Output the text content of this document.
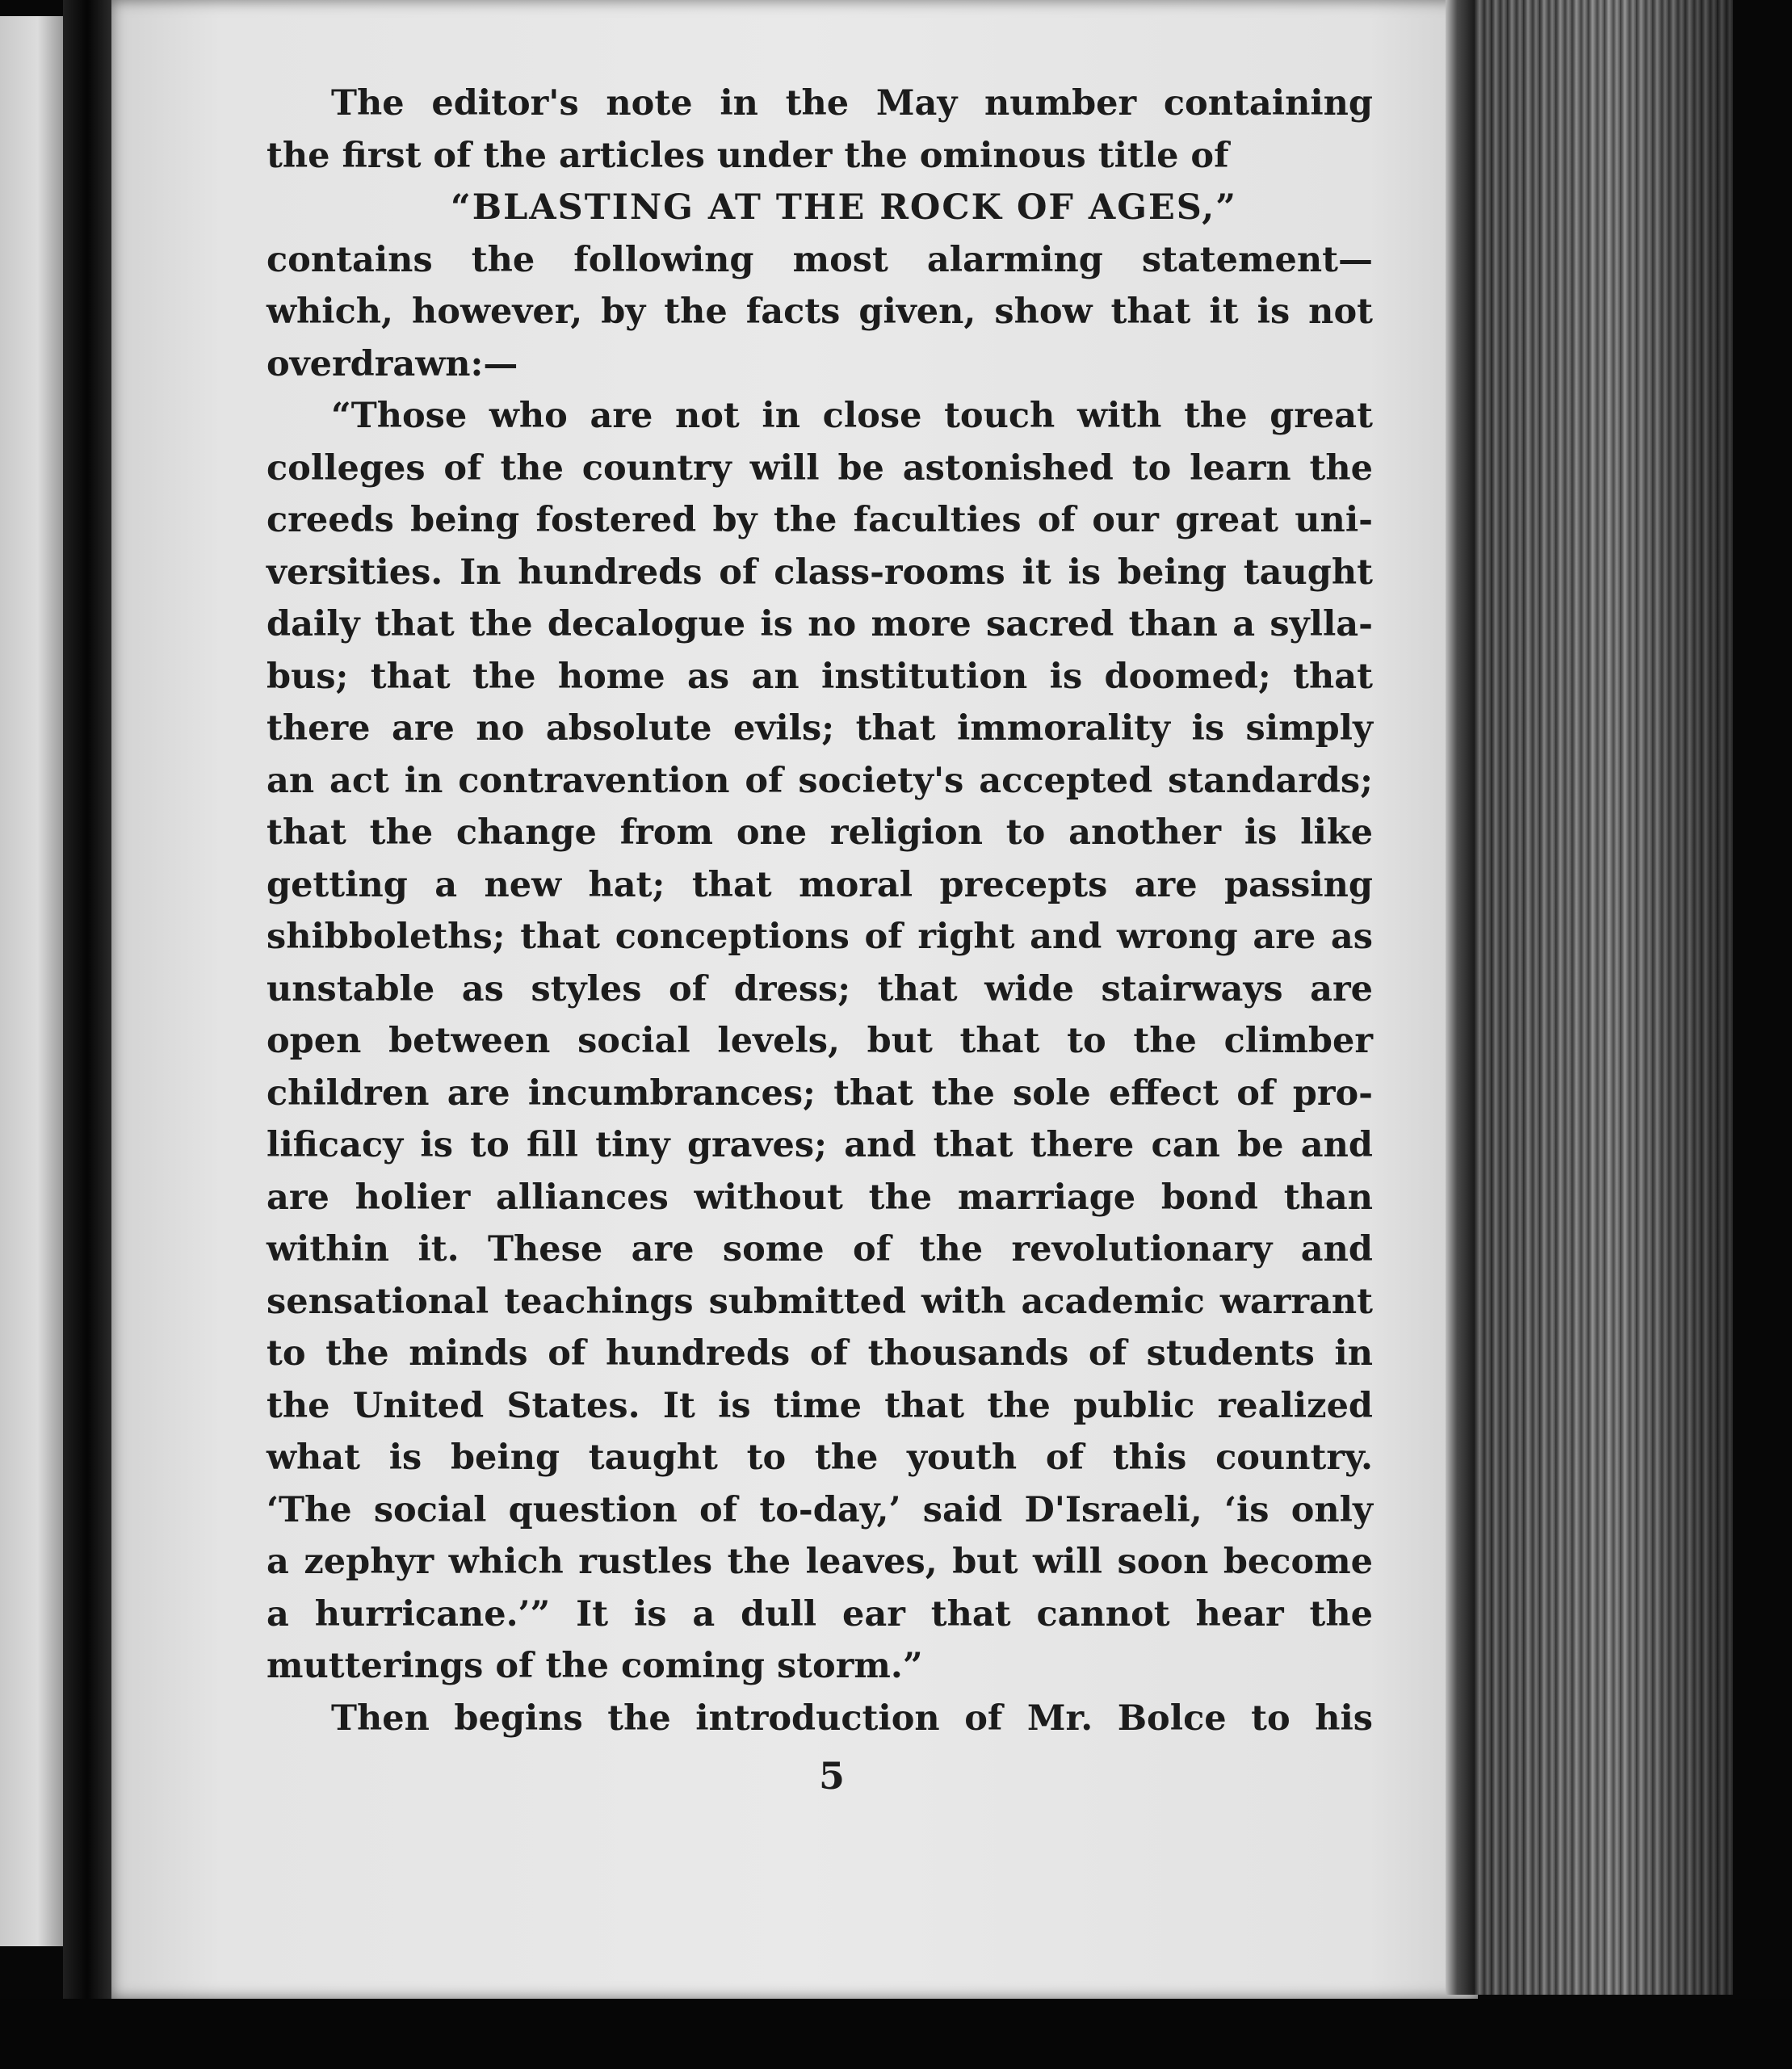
The editor's note in the May number containing
the first of the articles under the ominous title of
“BLASTING AT THE ROCK OF AGES,”
contains the following most alarming statement—
which, however, by the facts given, show that it is not
overdrawn:—
“Those who are not in close touch with the great
colleges of the country will be astonished to learn the
creeds being fostered by the faculties of our great uni-
versities. In hundreds of class-rooms it is being taught
daily that the decalogue is no more sacred than a sylla-
bus; that the home as an institution is doomed; that
there are no absolute evils; that immorality is simply
an act in contravention of society's accepted standards;
that the change from one religion to another is like
getting a new hat; that moral precepts are passing
shibboleths; that conceptions of right and wrong are as
unstable as styles of dress; that wide stairways are
open between social levels, but that to the climber
children are incumbrances; that the sole effect of pro-
lificacy is to fill tiny graves; and that there can be and
are holier alliances without the marriage bond than
within it. These are some of the revolutionary and
sensational teachings submitted with academic warrant
to the minds of hundreds of thousands of students in
the United States. It is time that the public realized
what is being taught to the youth of this country.
‘The social question of to-day,’ said D'Israeli, ‘is only
a zephyr which rustles the leaves, but will soon become
a hurricane.’” It is a dull ear that cannot hear the
mutterings of the coming storm.”
Then begins the introduction of Mr. Bolce to his
5
